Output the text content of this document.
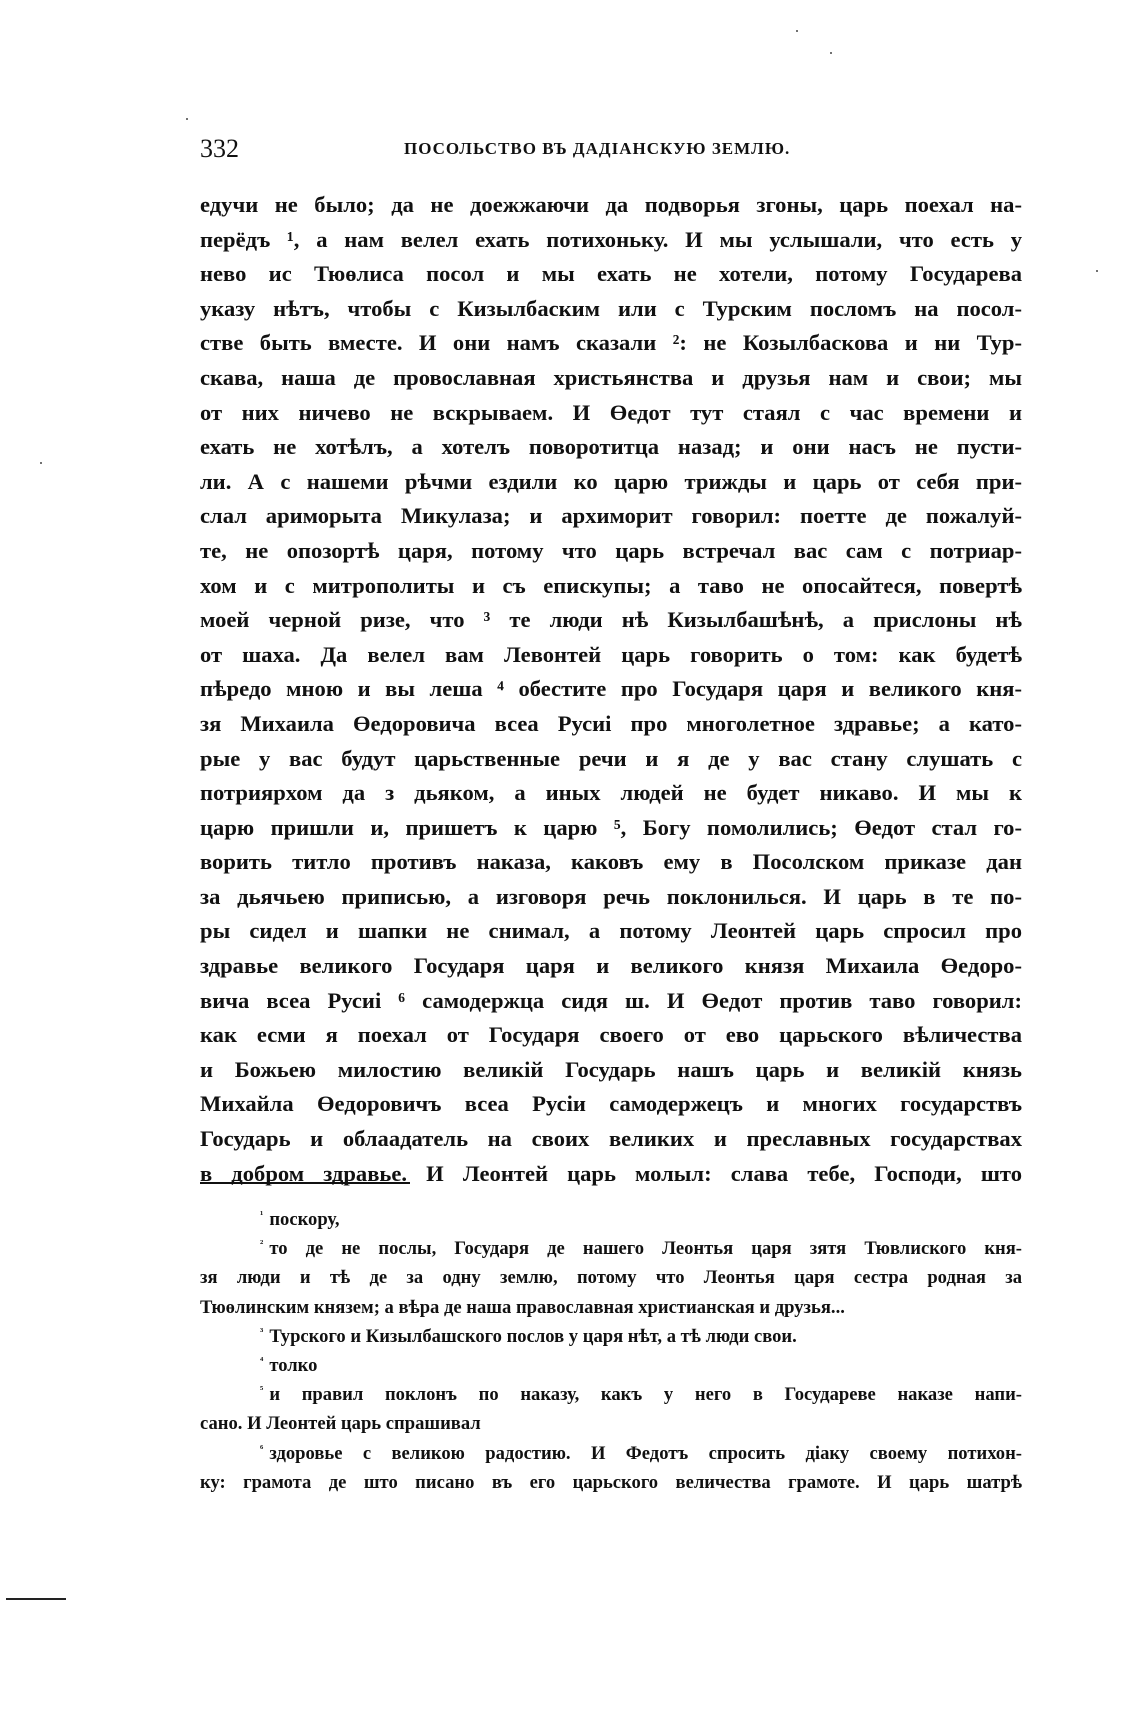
332	ПОСОЛЬСТВО ВЪ ДАДІАНСКУЮ ЗЕМЛЮ.
едучи не было; да не доежжаючи да подворья згоны, царь поехал на-
перёдъ ¹, а нам велел ехать потихоньку. И мы услышали, что есть у
нево ис Тюөлиса посол и мы ехать не хотели, потому Государева
указу нѣтъ, чтобы с Кизылбаским или с Турским посломъ на посол-
стве быть вместе. И они намъ сказали ²: не Козылбаскова и ни Тур-
скава, наша де провославная христьянства и друзья нам и свои; мы
от них ничево не вскрываем. И Өедот тут стаял с час времени и
ехать не хотѣлъ, а хотелъ поворотитца назад; и они насъ не пусти-
ли. А с нашеми рѣчми ездили ко царю трижды и царь от себя при-
слал ариморыта Микулаза; и архиморит говорил: поетте де пожалуй-
те, не опозортѣ царя, потому что царь встречал вас сам с потриар-
хом и с митрополиты и съ епискупы; а таво не опосайтеся, повертѣ
моей черной ризе, что ³ те люди нѣ Кизылбашѣнѣ, а прислоны нѣ
от шаха. Да велел вам Левонтей царь говорить о том: как будетѣ
пѣредо мною и вы леша ⁴ обестите про Государя царя и великого кня-
зя Михаила Өедоровича всеа Русиі про многолетное здравье; а като-
рые у вас будут царьственные речи и я де у вас стану слушать с
потриярхом да з дьяком, а иных людей не будет никаво. И мы к
царю пришли и, пришетъ к царю ⁵, Богу помолились; Өедот стал го-
ворить титло противъ наказа, каковъ ему в Посолском приказе дан
за дьячьею приписью, а изговоря речь поклонилься. И царь в те по-
ры сидел и шапки не снимал, а потому Леонтей царь спросил про
здравье великого Государя царя и великого князя Михаила Өедоро-
вича всеа Русиі ⁶ самодержца сидя ш. И Өедот против таво говорил:
как есми я поехал от Государя своего от ево царьского вѣличества
и Божьею милостию великій Государь нашъ царь и великій князь
Михайла Өедоровичъ всеа Русіи самодержецъ и многих государствъ
Государь и облаадатель на своих великих и преславных государствах
в добром здравье. И Леонтей царь молыл: слава тебе, Господи, што
$^{^1}$ поскору,
$^{^2}$ то де не послы, Государя де нашего Леонтья царя зятя Тювлиского кня-
зя люди и тѣ де за одну землю, потому что Леонтья царя сестра родная за
Тюөлинским князем; а вѣра де наша православная христианская и друзья...
$^{^3}$ Турского и Кизылбашского послов у царя нѣт, а тѣ люди свои.
$^{^4}$ толко
$^{^5}$ и правил поклонъ по наказу, какъ у него в Государеве наказе напи-
сано. И Леонтей царь спрашивал
$^{^6}$ здоровье с великою радостию. И Федотъ спросить діаку своему потихон-
ку: грамота де што писано въ его царьского величества грамоте. И царь шатрѣ
